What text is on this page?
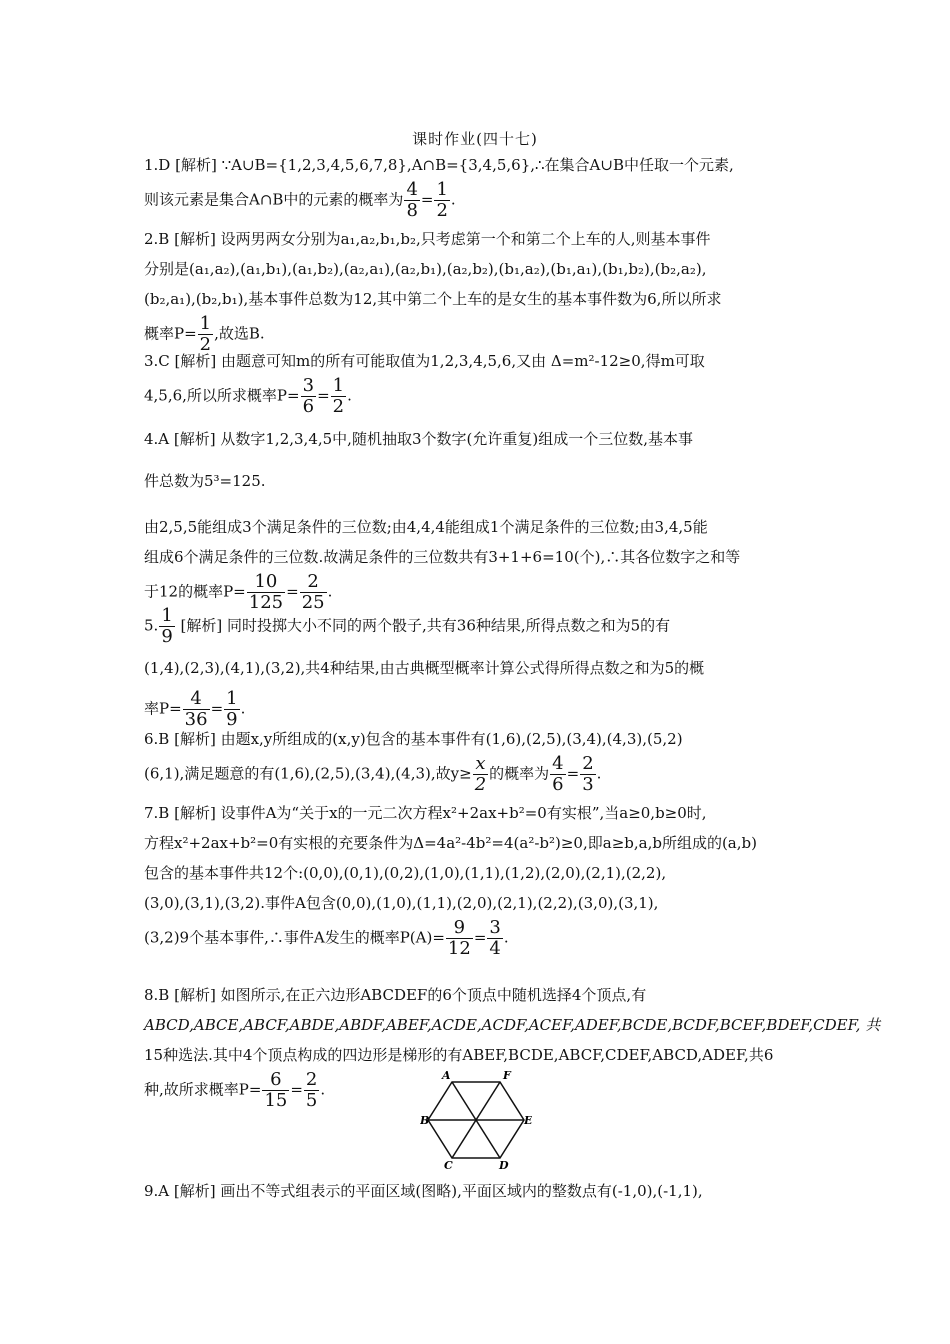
课时作业(四十七)
1.D [解析] ∵A∪B={1,2,3,4,5,6,7,8},A∩B={3,4,5,6},∴在集合A∪B中任取一个元素,
则该元素是集合A∩B中的元素的概率为 $\frac{4}{8} = \frac{1}{2}$ .
2.B [解析] 设两男两女分别为a₁,a₂,b₁,b₂,只考虑第一个和第二个上车的人,则基本事件
分别是(a₁,a₂),(a₁,b₁),(a₁,b₂),(a₂,a₁),(a₂,b₁),(a₂,b₂),(b₁,a₂),(b₁,a₁),(b₁,b₂),(b₂,a₂),
(b₂,a₁),(b₂,b₁),基本事件总数为12,其中第二个上车的是女生的基本事件数为6,所以所求
概率$P= \frac{1}{2}$ ,故选B.
3.C [解析] 由题意可知m的所有可能取值为1,2,3,4,5,6,又由 Δ=m²-12≥0,得m可取
4,5,6,所以所求概率$P= \frac{3}{6} = \frac{1}{2}$ .
4.A [解析] 从数字1,2,3,4,5中,随机抽取3个数字(允许重复)组成一个三位数,基本事
件总数为5³=125.
由2,5,5能组成3个满足条件的三位数;由4,4,4能组成1个满足条件的三位数;由3,4,5能
组成6个满足条件的三位数.故满足条件的三位数共有3+1+6=10(个),∴其各位数字之和等
于12的概率$P= \frac{10}{125} = \frac{2}{25}$ .
5. $\frac{1}{9}$ [解析] 同时投掷大小不同的两个骰子,共有36种结果,所得点数之和为5的有
(1,4),(2,3),(4,1),(3,2),共4种结果,由古典概型概率计算公式得所得点数之和为5的概
率$P= \frac{4}{36} = \frac{1}{9}$ .
6.B [解析] 由题x,y所组成的(x,y)包含的基本事件有(1,6),(2,5),(3,4),(4,3),(5,2)
(6,1),满足题意的有(1,6),(2,5),(3,4),(4,3),故$y\ge \frac{x}{2}$ 的概率为 $\frac{4}{6} = \frac{2}{3}$ .
7.B [解析] 设事件A为“关于x的一元二次方程x²+2ax+b²=0有实根”,当a≥0,b≥0时,
方程x²+2ax+b²=0有实根的充要条件为Δ=4a²-4b²=4(a²-b²)≥0,即a≥b,a,b所组成的(a,b)
包含的基本事件共12个:(0,0),(0,1),(0,2),(1,0),(1,1),(1,2),(2,0),(2,1),(2,2),
(3,0),(3,1),(3,2).事件A包含(0,0),(1,0),(1,1),(2,0),(2,1),(2,2),(3,0),(3,1),
(3,2)9个基本事件,∴事件A发生的概率$P(A)= \frac{9}{12} = \frac{3}{4}$ .
8.B [解析] 如图所示,在正六边形ABCDEF的6个顶点中随机选择4个顶点,有
ABCD,ABCE,ABCF,ABDE,ABDF,ABEF,ACDE,ACDF,ACEF,ADEF,BCDE,BCDF,BCEF,BDEF,CDEF, 共
15种选法.其中4个顶点构成的四边形是梯形的有ABEF,BCDE,ABCF,CDEF,ABCD,ADEF,共6
种,故所求概率$P= \frac{6}{15} = \frac{2}{5}$ .
A	F
B	E
C	D
9.A [解析] 画出不等式组表示的平面区域(图略),平面区域内的整数点有(-1,0),(-1,1),
